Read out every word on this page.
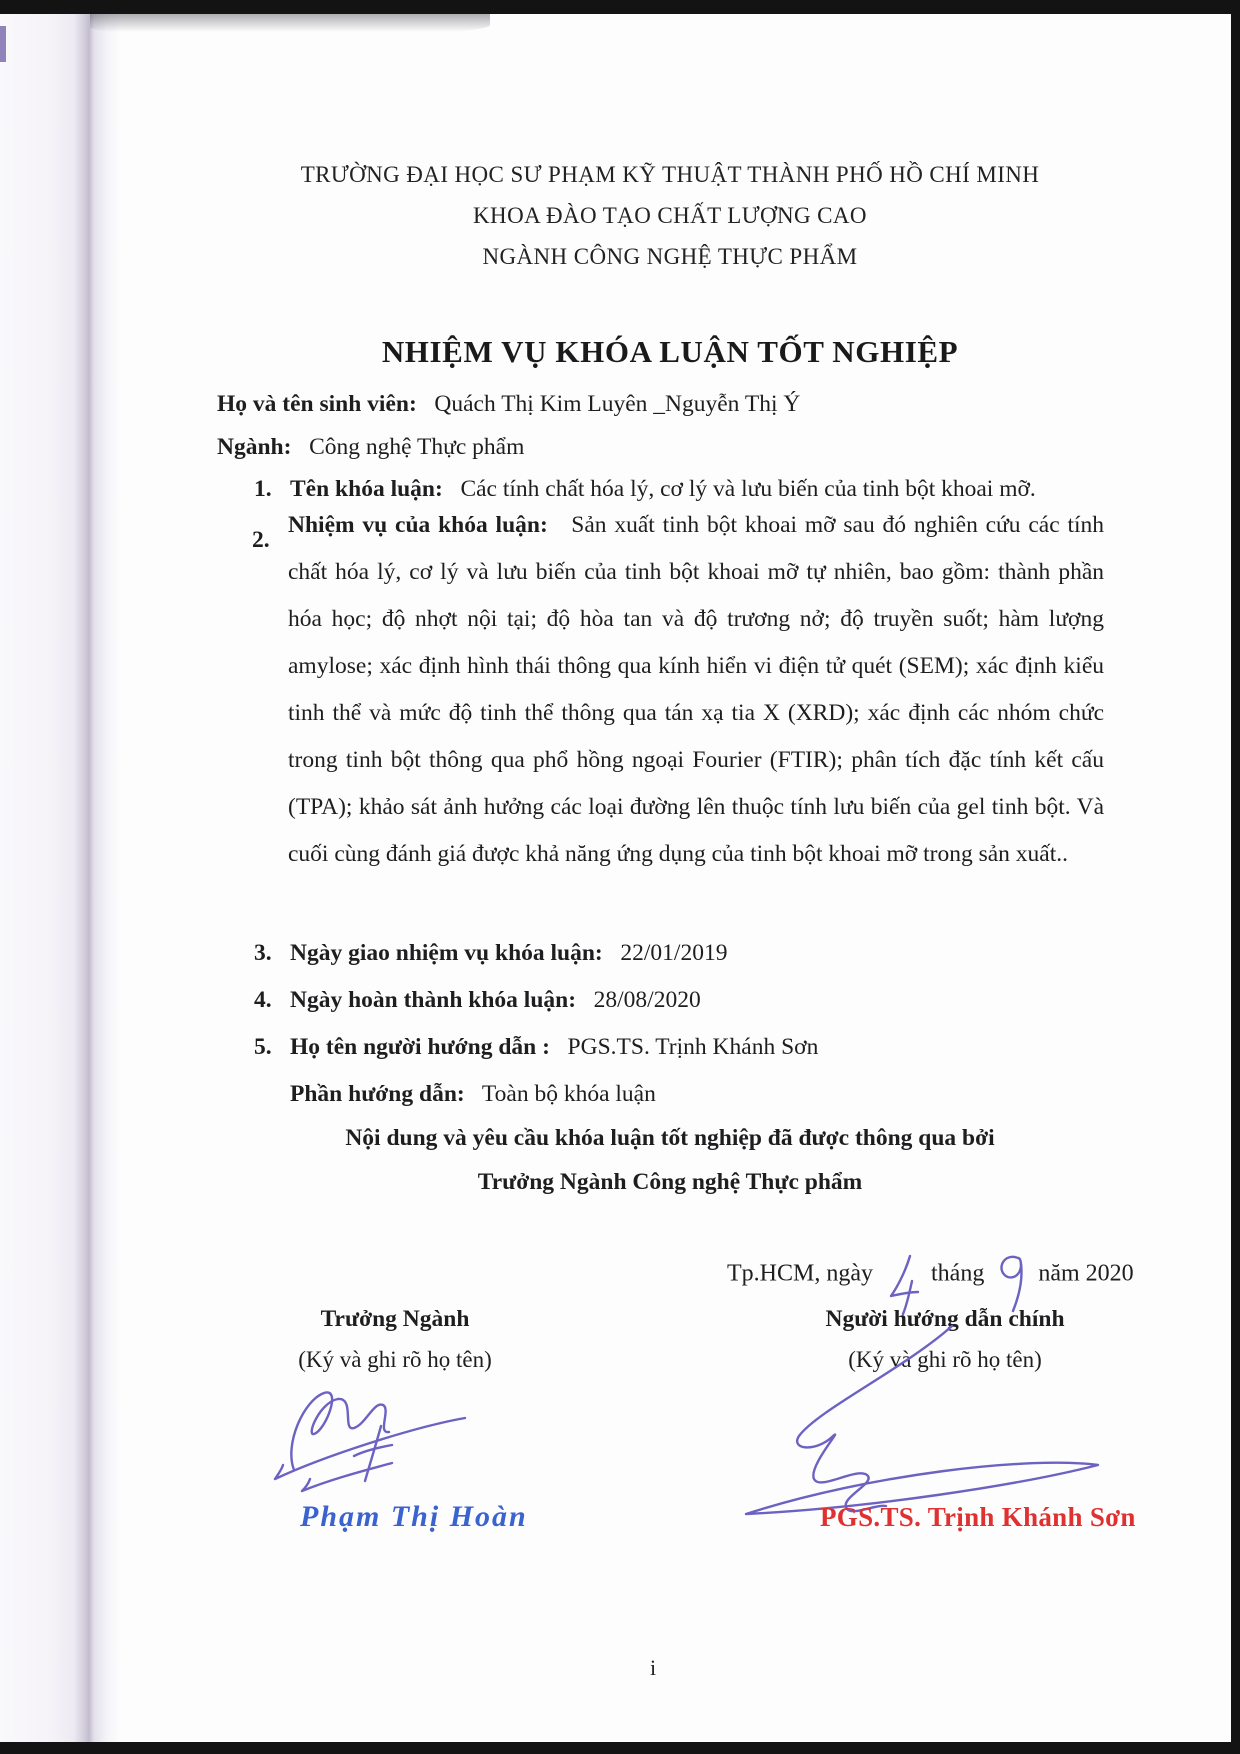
TRƯỜNG ĐẠI HỌC SƯ PHẠM KỸ THUẬT THÀNH PHỐ HỒ CHÍ MINH
KHOA ĐÀO TẠO CHẤT LƯỢNG CAO
NGÀNH CÔNG NGHỆ THỰC PHẨM
NHIỆM VỤ KHÓA LUẬN TỐT NGHIỆP
Họ và tên sinh viên: Quách Thị Kim Luyên _Nguyễn Thị Ý
Ngành: Công nghệ Thực phẩm
1. Tên khóa luận: Các tính chất hóa lý, cơ lý và lưu biến của tinh bột khoai mỡ.
2.
Nhiệm vụ của khóa luận: Sản xuất tinh bột khoai mỡ sau đó nghiên cứu các tính chất hóa lý, cơ lý và lưu biến của tinh bột khoai mỡ tự nhiên, bao gồm: thành phần hóa học; độ nhợt nội tại; độ hòa tan và độ trương nở; độ truyền suốt; hàm lượng amylose; xác định hình thái thông qua kính hiển vi điện tử quét (SEM); xác định kiểu tinh thể và mức độ tinh thể thông qua tán xạ tia X (XRD); xác định các nhóm chức trong tinh bột thông qua phổ hồng ngoại Fourier (FTIR); phân tích đặc tính kết cấu (TPA); khảo sát ảnh hưởng các loại đường lên thuộc tính lưu biến của gel tinh bột. Và cuối cùng đánh giá được khả năng ứng dụng của tinh bột khoai mỡ trong sản xuất..
3. Ngày giao nhiệm vụ khóa luận: 22/01/2019
4. Ngày hoàn thành khóa luận: 28/08/2020
5. Họ tên người hướng dẫn : PGS.TS. Trịnh Khánh Sơn
Phần hướng dẫn: Toàn bộ khóa luận
Nội dung và yêu cầu khóa luận tốt nghiệp đã được thông qua bởi
Trưởng Ngành Công nghệ Thực phẩm
Tp.HCM, ngày tháng năm 2020
Trưởng Ngành
(Ký và ghi rõ họ tên)
Phạm Thị Hoàn
Người hướng dẫn chính
(Ký và ghi rõ họ tên)
PGS.TS. Trịnh Khánh Sơn
i
